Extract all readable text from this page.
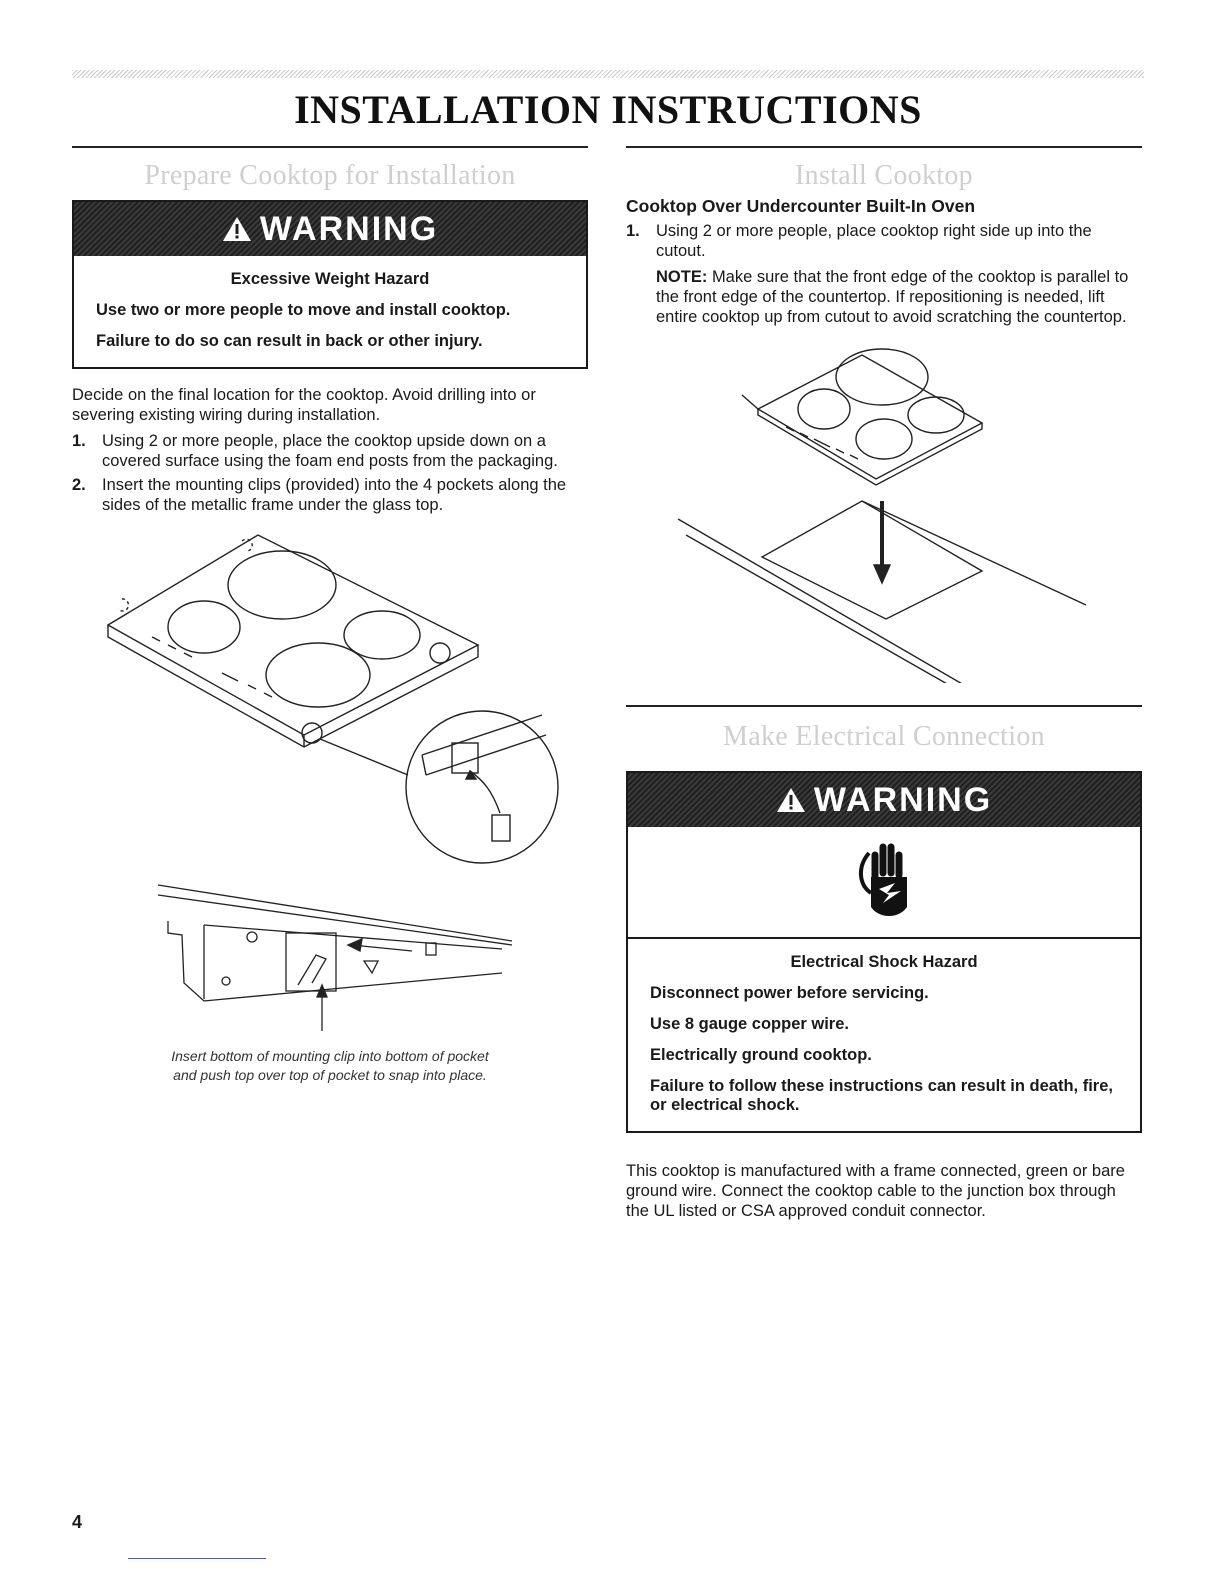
INSTALLATION INSTRUCTIONS
Prepare Cooktop for Installation
WARNING

Excessive Weight Hazard

Use two or more people to move and install cooktop.

Failure to do so can result in back or other injury.

Decide on the final location for the cooktop. Avoid drilling into or severing existing wiring during installation.

1. Using 2 or more people, place the cooktop upside down on a covered surface using the foam end posts from the packaging.
2. Insert the mounting clips (provided) into the 4 pockets along the sides of the metallic frame under the glass top.

Insert bottom of mounting clip into bottom of pocket
and push top over top of pocket to snap into place.

Install Cooktop
Cooktop Over Undercounter Built-In Oven
1. Using 2 or more people, place cooktop right side up into the cutout.

NOTE: Make sure that the front edge of the cooktop is parallel to the front edge of the countertop. If repositioning is needed, lift entire cooktop up from cutout to avoid scratching the countertop.

Make Electrical Connection
WARNING

Electrical Shock Hazard

Disconnect power before servicing.

Use 8 gauge copper wire.

Electrically ground cooktop.

Failure to follow these instructions can result in death, fire, or electrical shock.

This cooktop is manufactured with a frame connected, green or bare ground wire. Connect the cooktop cable to the junction box through the UL listed or CSA approved conduit connector.

4
